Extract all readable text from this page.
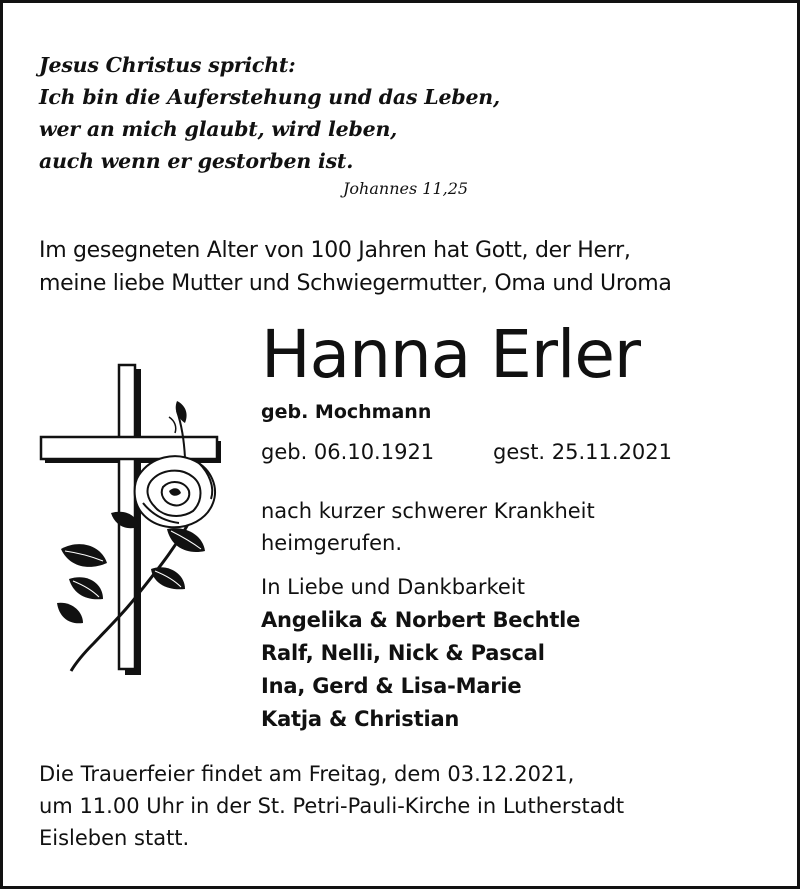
Jesus Christus spricht:
Ich bin die Auferstehung und das Leben,
wer an mich glaubt, wird leben,
auch wenn er gestorben ist.
Johannes 11,25
Im gesegneten Alter von 100 Jahren hat Gott, der Herr,
meine liebe Mutter und Schwiegermutter, Oma und Uroma
Hanna Erler
geb. Mochmann
geb. 06.10.1921	gest. 25.11.2021
nach kurzer schwerer Krankheit
heimgerufen.
In Liebe und Dankbarkeit
Angelika & Norbert Bechtle
Ralf, Nelli, Nick & Pascal
Ina, Gerd & Lisa-Marie
Katja & Christian
Die Trauerfeier findet am Freitag, dem 03.12.2021,
um 11.00 Uhr in der St. Petri-Pauli-Kirche in Lutherstadt
Eisleben statt.
